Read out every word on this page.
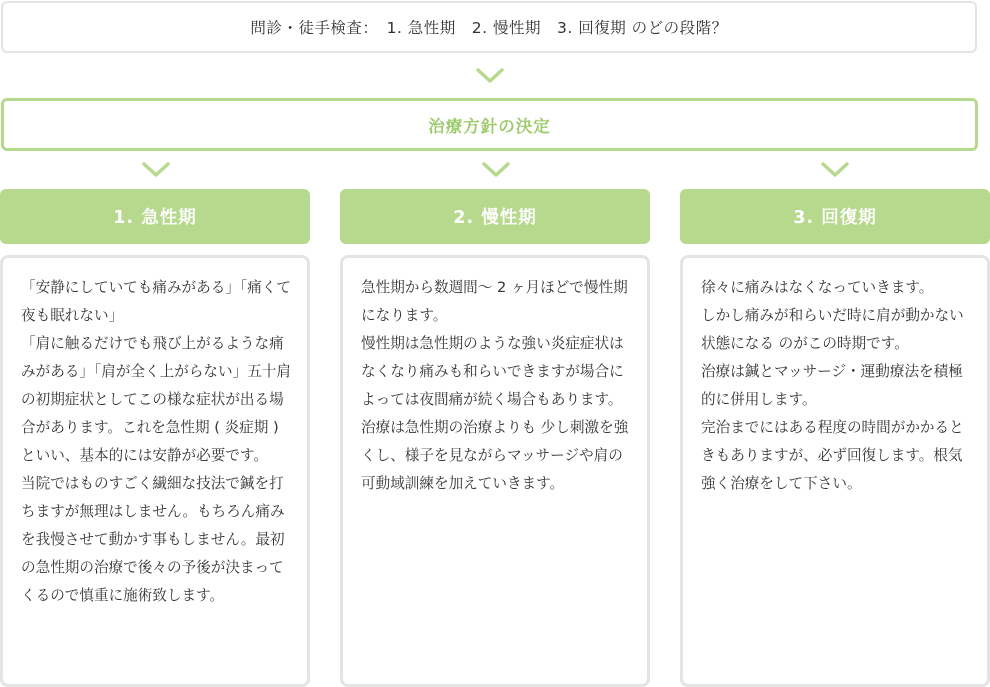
問診・徒手検査：　1. 急性期　2. 慢性期　3. 回復期 のどの段階？
治療方針の決定
1. 急性期

「安静にしていても痛みがある」「痛くて夜も眠れない」

「肩に触るだけでも飛び上がるような痛みがある」「肩が全く上がらない」五十肩の初期症状としてこの様な症状が出る場合があります。これを急性期 ( 炎症期 ) といい、基本的には安静が必要です。

当院ではものすごく繊細な技法で鍼を打ちますが無理はしません。もちろん痛みを我慢させて動かす事もしません。最初の急性期の治療で後々の予後が決まってくるので慎重に施術致します。

2. 慢性期

急性期から数週間〜 2 ヶ月ほどで慢性期になります。

慢性期は急性期のような強い炎症症状はなくなり痛みも和らいできますが場合によっては夜間痛が続く場合もあります。

治療は急性期の治療よりも 少し刺激を強くし、様子を見ながらマッサージや肩の可動域訓練を加えていきます。

3. 回復期

徐々に痛みはなくなっていきます。

しかし痛みが和らいだ時に肩が動かない状態になる のがこの時期です。

治療は鍼とマッサージ・運動療法を積極的に併用します。

完治までにはある程度の時間がかかるときもありますが、必ず回復します。根気強く治療をして下さい。
